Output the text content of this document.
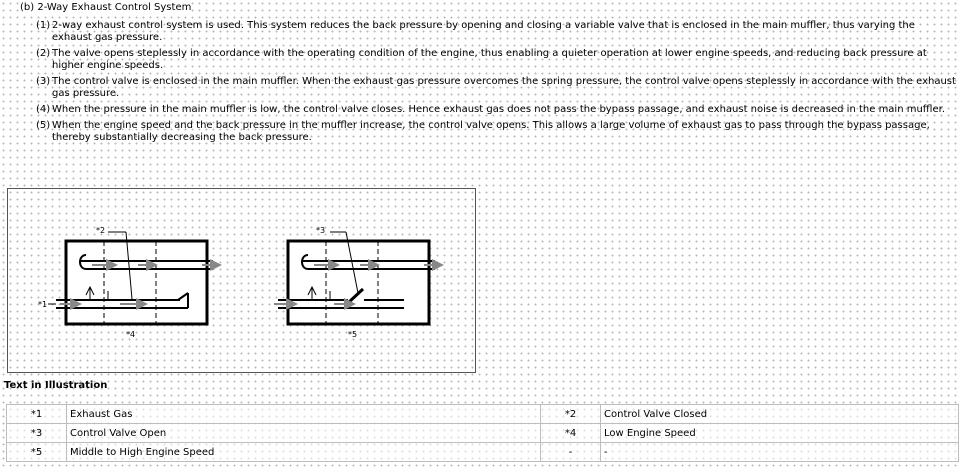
(b) 2-Way Exhaust Control System
(1) 2-way exhaust control system is used. This system reduces the back pressure by opening and closing a variable valve that is enclosed in the main muffler, thus varying the exhaust gas pressure.
(2) The valve opens steplessly in accordance with the operating condition of the engine, thus enabling a quieter operation at lower engine speeds, and reducing back pressure at higher engine speeds.
(3) The control valve is enclosed in the main muffler. When the exhaust gas pressure overcomes the spring pressure, the control valve opens steplessly in accordance with the exhaust gas pressure.
(4) When the pressure in the main muffler is low, the control valve closes. Hence exhaust gas does not pass the bypass passage, and exhaust noise is decreased in the main muffler.
(5) When the engine speed and the back pressure in the muffler increase, the control valve opens. This allows a large volume of exhaust gas to pass through the bypass passage, thereby substantially decreasing the back pressure.
*2
*1
*4
*3
*5
Text in Illustration
*1	Exhaust Gas	*2	Control Valve Closed
*3	Control Valve Open	*4	Low Engine Speed
*5	Middle to High Engine Speed	-	-
